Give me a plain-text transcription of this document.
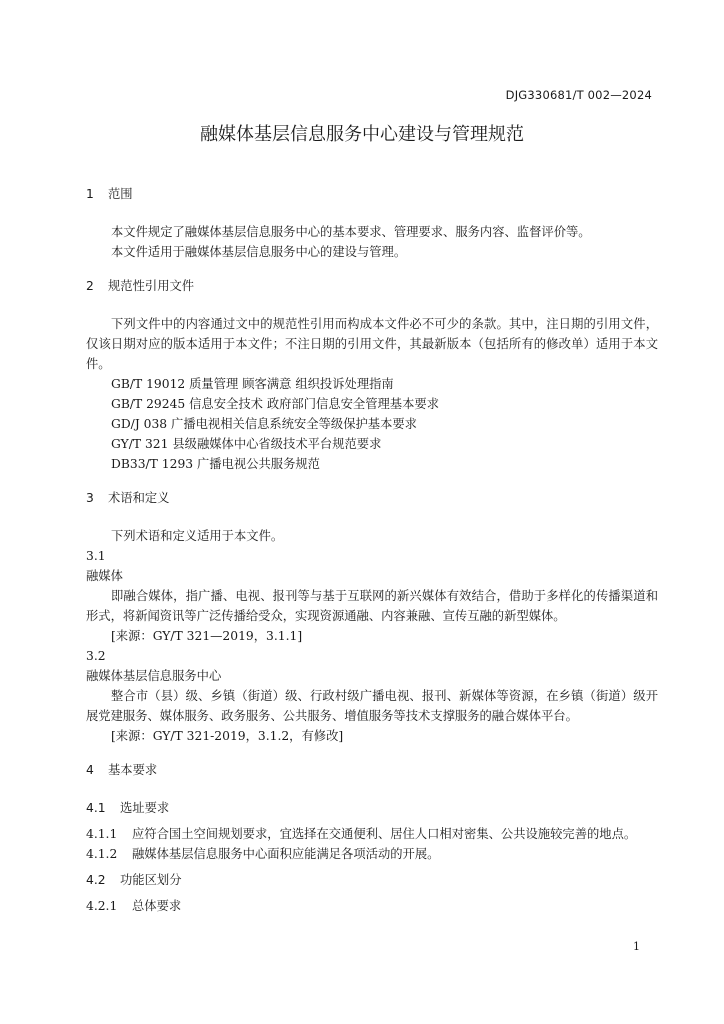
DJG330681/T 002—2024
融媒体基层信息服务中心建设与管理规范
1 范围
本文件规定了融媒体基层信息服务中心的基本要求、管理要求、服务内容、监督评价等。
本文件适用于融媒体基层信息服务中心的建设与管理。
2 规范性引用文件
下列文件中的内容通过文中的规范性引用而构成本文件必不可少的条款。其中，注日期的引用文件，仅该日期对应的版本适用于本文件；不注日期的引用文件，其最新版本（包括所有的修改单）适用于本文件。
GB/T 19012 质量管理 顾客满意 组织投诉处理指南
GB/T 29245 信息安全技术 政府部门信息安全管理基本要求
GD/J 038 广播电视相关信息系统安全等级保护基本要求
GY/T 321 县级融媒体中心省级技术平台规范要求
DB33/T 1293 广播电视公共服务规范
3 术语和定义
下列术语和定义适用于本文件。
3.1
融媒体
即融合媒体，指广播、电视、报刊等与基于互联网的新兴媒体有效结合，借助于多样化的传播渠道和形式，将新闻资讯等广泛传播给受众，实现资源通融、内容兼融、宣传互融的新型媒体。
[来源：GY/T 321—2019，3.1.1]
3.2
融媒体基层信息服务中心
整合市（县）级、乡镇（街道）级、行政村级广播电视、报刊、新媒体等资源，在乡镇（街道）级开展党建服务、媒体服务、政务服务、公共服务、增值服务等技术支撑服务的融合媒体平台。
[来源：GY/T 321-2019，3.1.2，有修改]
4 基本要求
4.1 选址要求
4.1.1 应符合国土空间规划要求，宜选择在交通便利、居住人口相对密集、公共设施较完善的地点。
4.1.2 融媒体基层信息服务中心面积应能满足各项活动的开展。
4.2 功能区划分
4.2.1 总体要求
1
